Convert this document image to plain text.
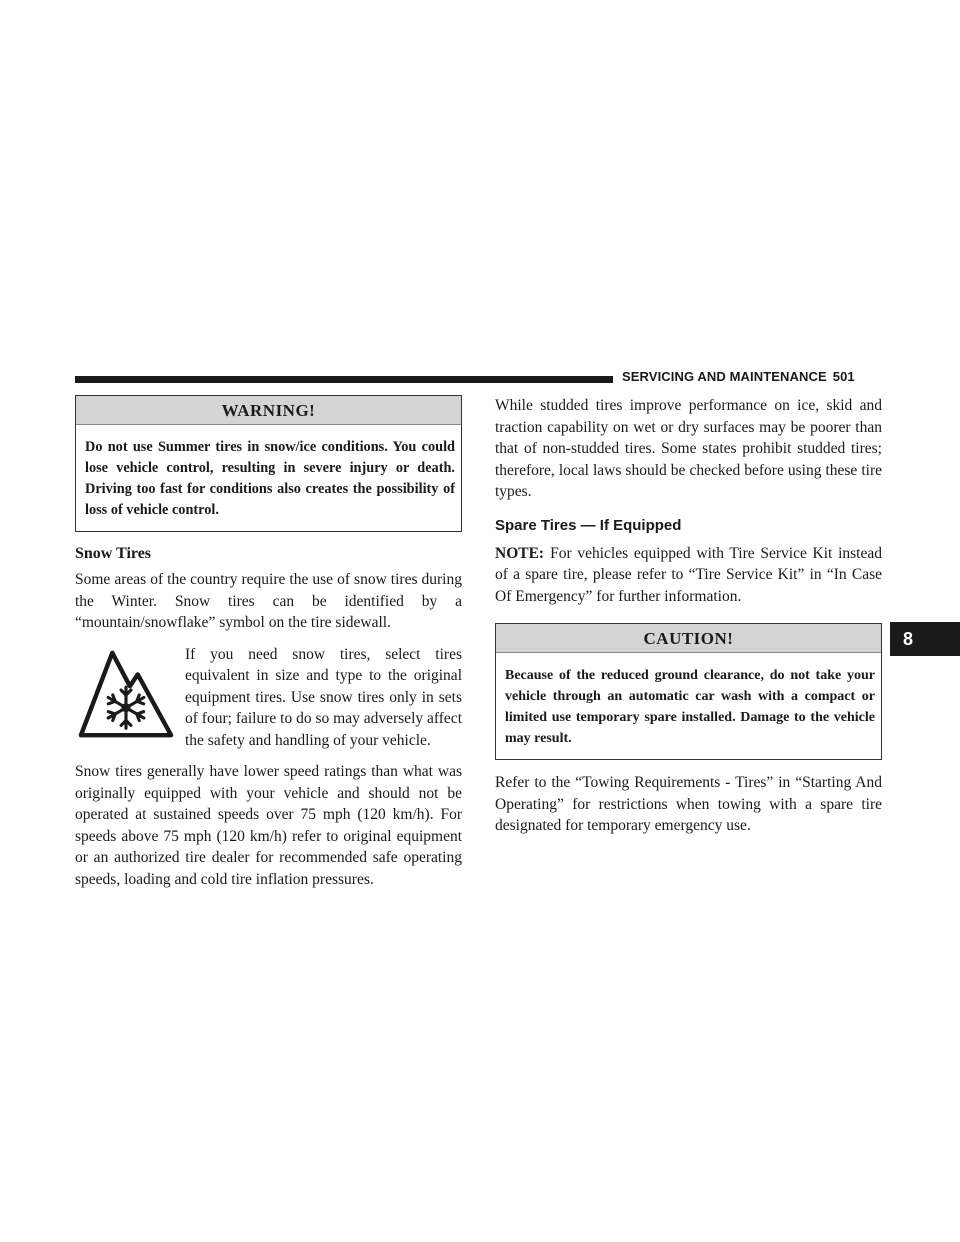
SERVICING AND MAINTENANCE 501
8
WARNING!
Do not use Summer tires in snow/ice conditions. You could lose vehicle control, resulting in severe injury or death. Driving too fast for conditions also creates the possibility of loss of vehicle control.
Snow Tires

Some areas of the country require the use of snow tires during the Winter. Snow tires can be identified by a “mountain/snowflake” symbol on the tire sidewall.

If you need snow tires, select tires equivalent in size and type to the original equipment tires. Use snow tires only in sets of four; failure to do so may adversely affect the safety and handling of your vehicle.

Snow tires generally have lower speed ratings than what was originally equipped with your vehicle and should not be operated at sustained speeds over 75 mph (120 km/h). For speeds above 75 mph (120 km/h) refer to original equipment or an authorized tire dealer for recommended safe operating speeds, loading and cold tire inflation pressures.

While studded tires improve performance on ice, skid and traction capability on wet or dry surfaces may be poorer than that of non-studded tires. Some states prohibit studded tires; therefore, local laws should be checked before using these tire types.

Spare Tires — If Equipped

NOTE: For vehicles equipped with Tire Service Kit instead of a spare tire, please refer to “Tire Service Kit” in “In Case Of Emergency” for further information.

CAUTION!
Because of the reduced ground clearance, do not take your vehicle through an automatic car wash with a compact or limited use temporary spare installed. Damage to the vehicle may result.

Refer to the “Towing Requirements - Tires” in “Starting And Operating” for restrictions when towing with a spare tire designated for temporary emergency use.
